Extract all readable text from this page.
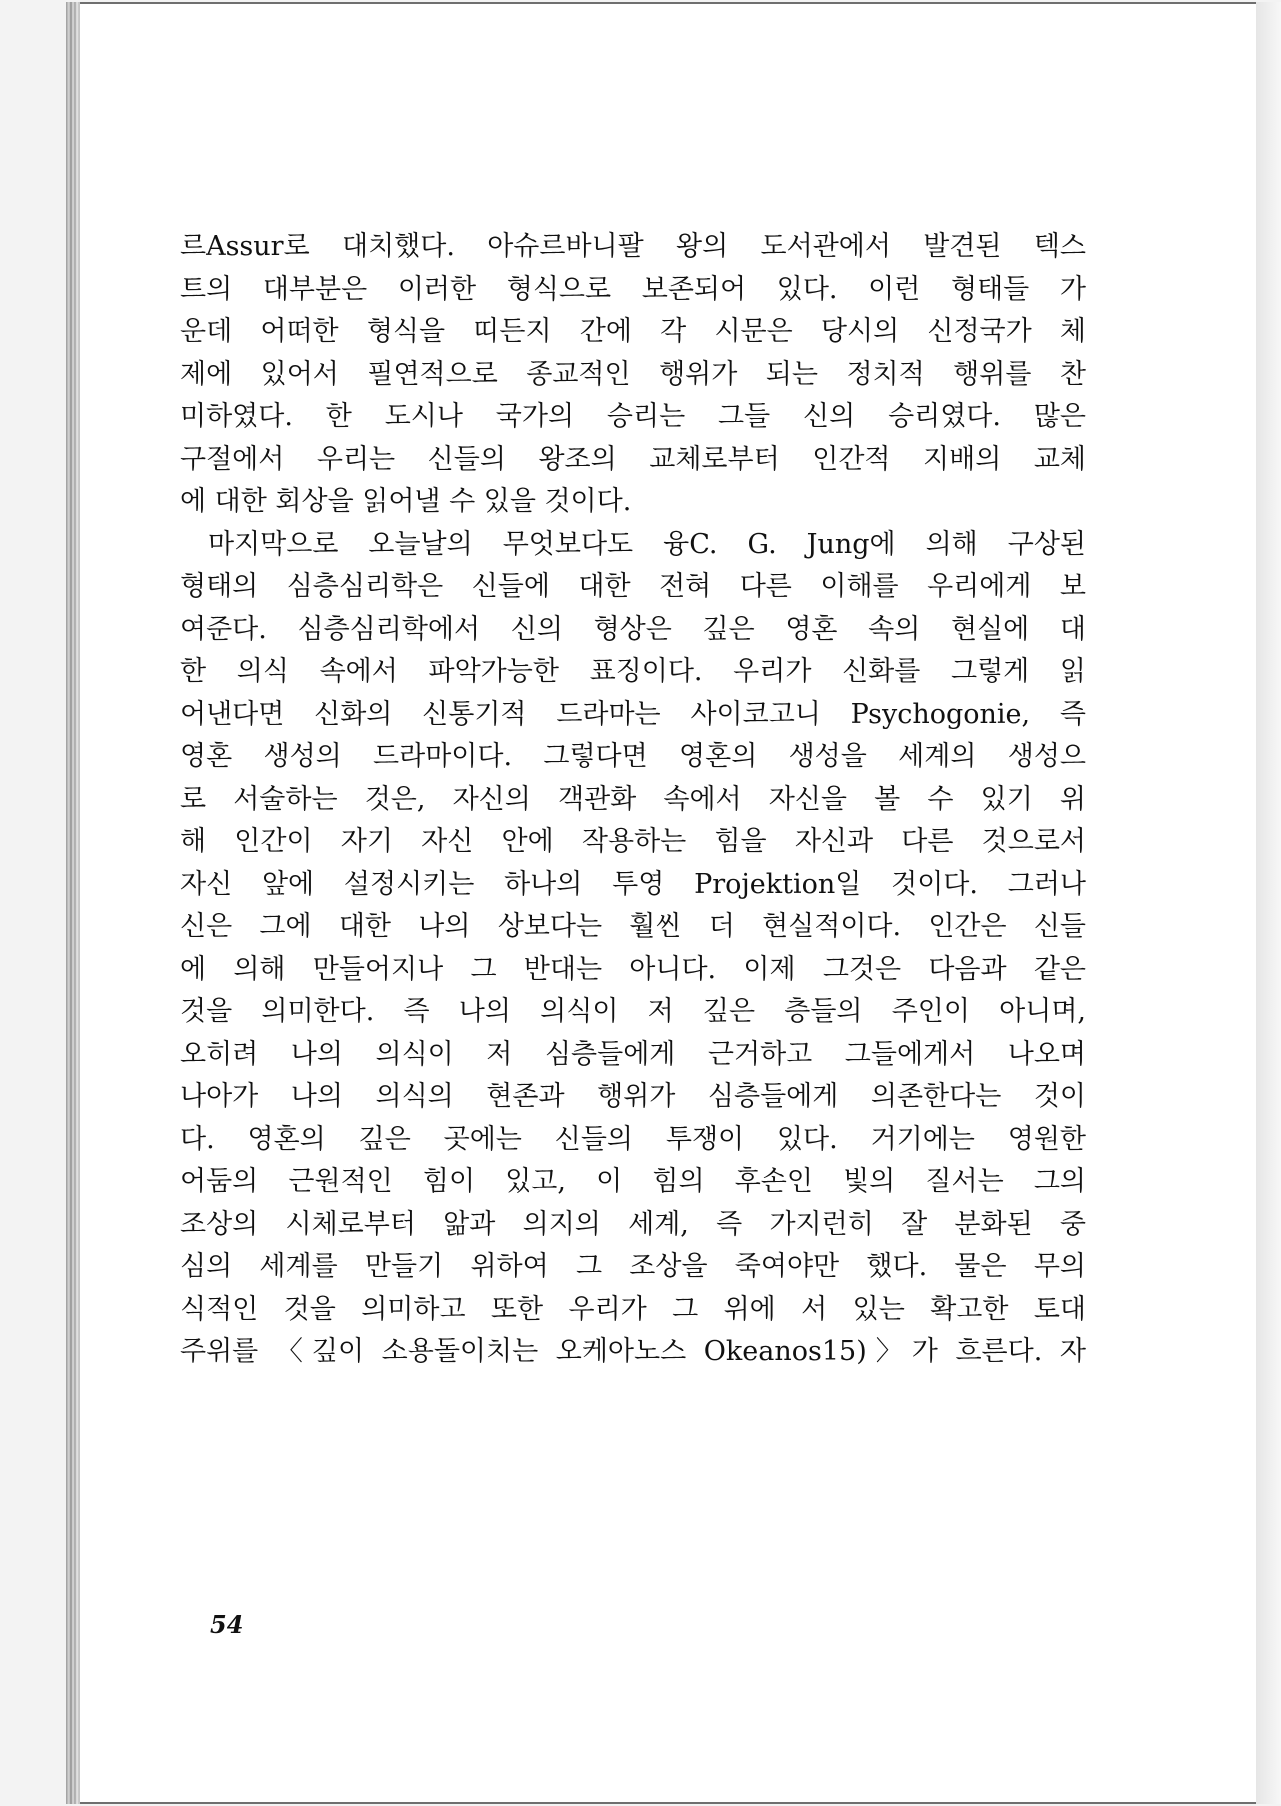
르Assur로 대치했다. 아슈르바니팔 왕의 도서관에서 발견된 텍스
트의 대부분은 이러한 형식으로 보존되어 있다. 이런 형태들 가
운데 어떠한 형식을 띠든지 간에 각 시문은 당시의 신정국가 체
제에 있어서 필연적으로 종교적인 행위가 되는 정치적 행위를 찬
미하였다. 한 도시나 국가의 승리는 그들 신의 승리였다. 많은
구절에서 우리는 신들의 왕조의 교체로부터 인간적 지배의 교체
에 대한 회상을 읽어낼 수 있을 것이다.
마지막으로 오늘날의 무엇보다도 융C. G. Jung에 의해 구상된
형태의 심층심리학은 신들에 대한 전혀 다른 이해를 우리에게 보
여준다. 심층심리학에서 신의 형상은 깊은 영혼 속의 현실에 대
한 의식 속에서 파악가능한 표징이다. 우리가 신화를 그렇게 읽
어낸다면 신화의 신통기적 드라마는 사이코고니 Psychogonie, 즉
영혼 생성의 드라마이다. 그렇다면 영혼의 생성을 세계의 생성으
로 서술하는 것은, 자신의 객관화 속에서 자신을 볼 수 있기 위
해 인간이 자기 자신 안에 작용하는 힘을 자신과 다른 것으로서
자신 앞에 설정시키는 하나의 투영 Projektion일 것이다. 그러나
신은 그에 대한 나의 상보다는 훨씬 더 현실적이다. 인간은 신들
에 의해 만들어지나 그 반대는 아니다. 이제 그것은 다음과 같은
것을 의미한다. 즉 나의 의식이 저 깊은 층들의 주인이 아니며,
오히려 나의 의식이 저 심층들에게 근거하고 그들에게서 나오며
나아가 나의 의식의 현존과 행위가 심층들에게 의존한다는 것이
다. 영혼의 깊은 곳에는 신들의 투쟁이 있다. 거기에는 영원한
어둠의 근원적인 힘이 있고, 이 힘의 후손인 빛의 질서는 그의
조상의 시체로부터 앎과 의지의 세계, 즉 가지런히 잘 분화된 중
심의 세계를 만들기 위하여 그 조상을 죽여야만 했다. 물은 무의
식적인 것을 의미하고 또한 우리가 그 위에 서 있는 확고한 토대
주위를 〈깊이 소용돌이치는 오케아노스 Okeanos15)〉가 흐른다. 자
54
